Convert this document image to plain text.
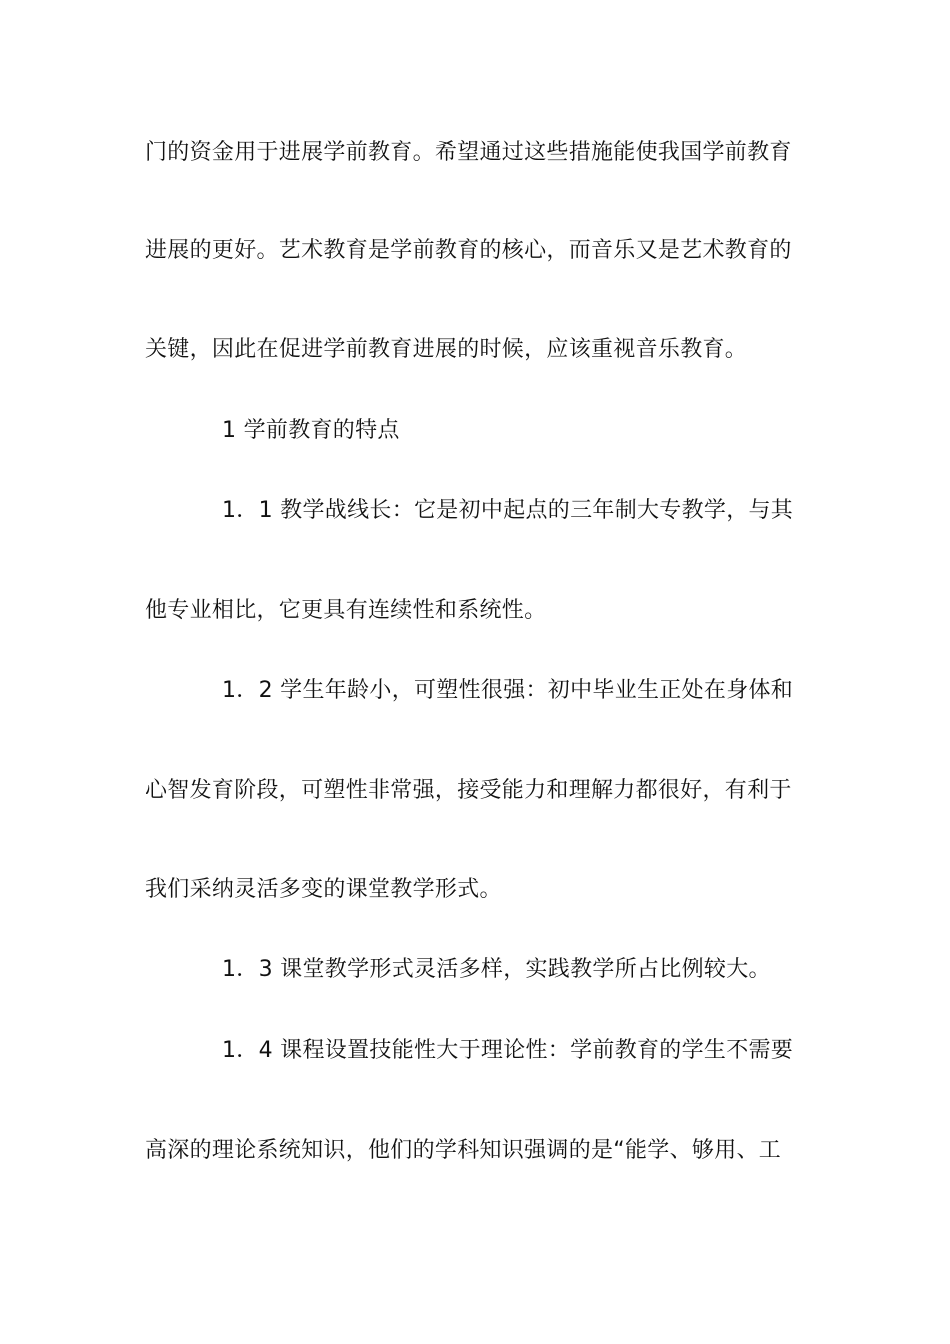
门的资金用于进展学前教育。希望通过这些措施能使我国学前教育
进展的更好。艺术教育是学前教育的核心，而音乐又是艺术教育的
关键，因此在促进学前教育进展的时候，应该重视音乐教育。
1 学前教育的特点
1．1 教学战线长：它是初中起点的三年制大专教学，与其
他专业相比，它更具有连续性和系统性。
1．2 学生年龄小，可塑性很强：初中毕业生正处在身体和
心智发育阶段，可塑性非常强，接受能力和理解力都很好，有利于
我们采纳灵活多变的课堂教学形式。
1．3 课堂教学形式灵活多样，实践教学所占比例较大。
1．4 课程设置技能性大于理论性：学前教育的学生不需要
高深的理论系统知识，他们的学科知识强调的是“能学、够用、工
